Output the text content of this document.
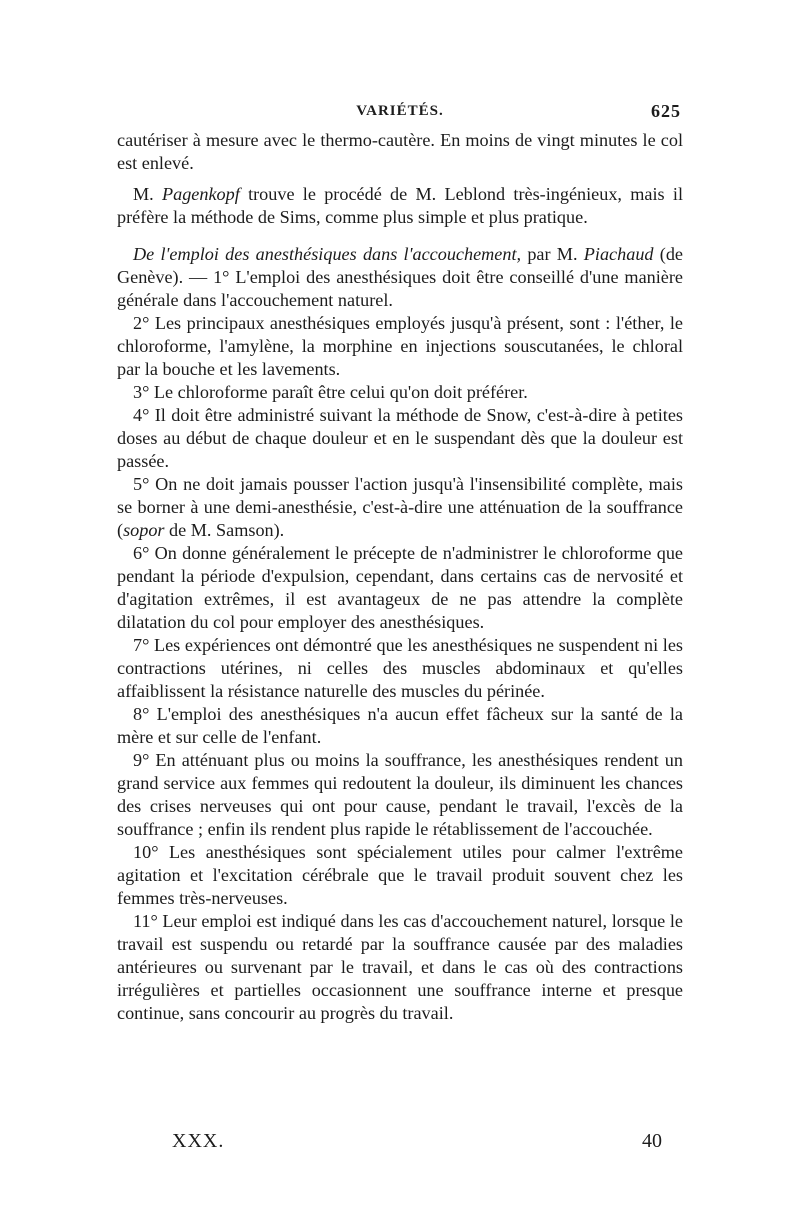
VARIÉTÉS.	625

cautériser à mesure avec le thermo-cautère. En moins de vingt minutes le col est enlevé.

M. Pagenkopf trouve le procédé de M. Leblond très-ingénieux, mais il préfère la méthode de Sims, comme plus simple et plus pratique.

De l'emploi des anesthésiques dans l'accouchement, par M. Piachaud (de Genève). — 1° L'emploi des anesthésiques doit être conseillé d'une manière générale dans l'accouchement naturel.

2° Les principaux anesthésiques employés jusqu'à présent, sont : l'éther, le chloroforme, l'amylène, la morphine en injections souscutanées, le chloral par la bouche et les lavements.

3° Le chloroforme paraît être celui qu'on doit préférer.

4° Il doit être administré suivant la méthode de Snow, c'est-à-dire à petites doses au début de chaque douleur et en le suspendant dès que la douleur est passée.

5° On ne doit jamais pousser l'action jusqu'à l'insensibilité complète, mais se borner à une demi-anesthésie, c'est-à-dire une atténuation de la souffrance (sopor de M. Samson).

6° On donne généralement le précepte de n'administrer le chloroforme que pendant la période d'expulsion, cependant, dans certains cas de nervosité et d'agitation extrêmes, il est avantageux de ne pas attendre la complète dilatation du col pour employer des anesthésiques.

7° Les expériences ont démontré que les anesthésiques ne suspendent ni les contractions utérines, ni celles des muscles abdominaux et qu'elles affaiblissent la résistance naturelle des muscles du périnée.

8° L'emploi des anesthésiques n'a aucun effet fâcheux sur la santé de la mère et sur celle de l'enfant.

9° En atténuant plus ou moins la souffrance, les anesthésiques rendent un grand service aux femmes qui redoutent la douleur, ils diminuent les chances des crises nerveuses qui ont pour cause, pendant le travail, l'excès de la souffrance ; enfin ils rendent plus rapide le rétablissement de l'accouchée.

10° Les anesthésiques sont spécialement utiles pour calmer l'extrême agitation et l'excitation cérébrale que le travail produit souvent chez les femmes très-nerveuses.

11° Leur emploi est indiqué dans les cas d'accouchement naturel, lorsque le travail est suspendu ou retardé par la souffrance causée par des maladies antérieures ou survenant par le travail, et dans le cas où des contractions irrégulières et partielles occasionnent une souffrance interne et presque continue, sans concourir au progrès du travail.

XXX.	40
